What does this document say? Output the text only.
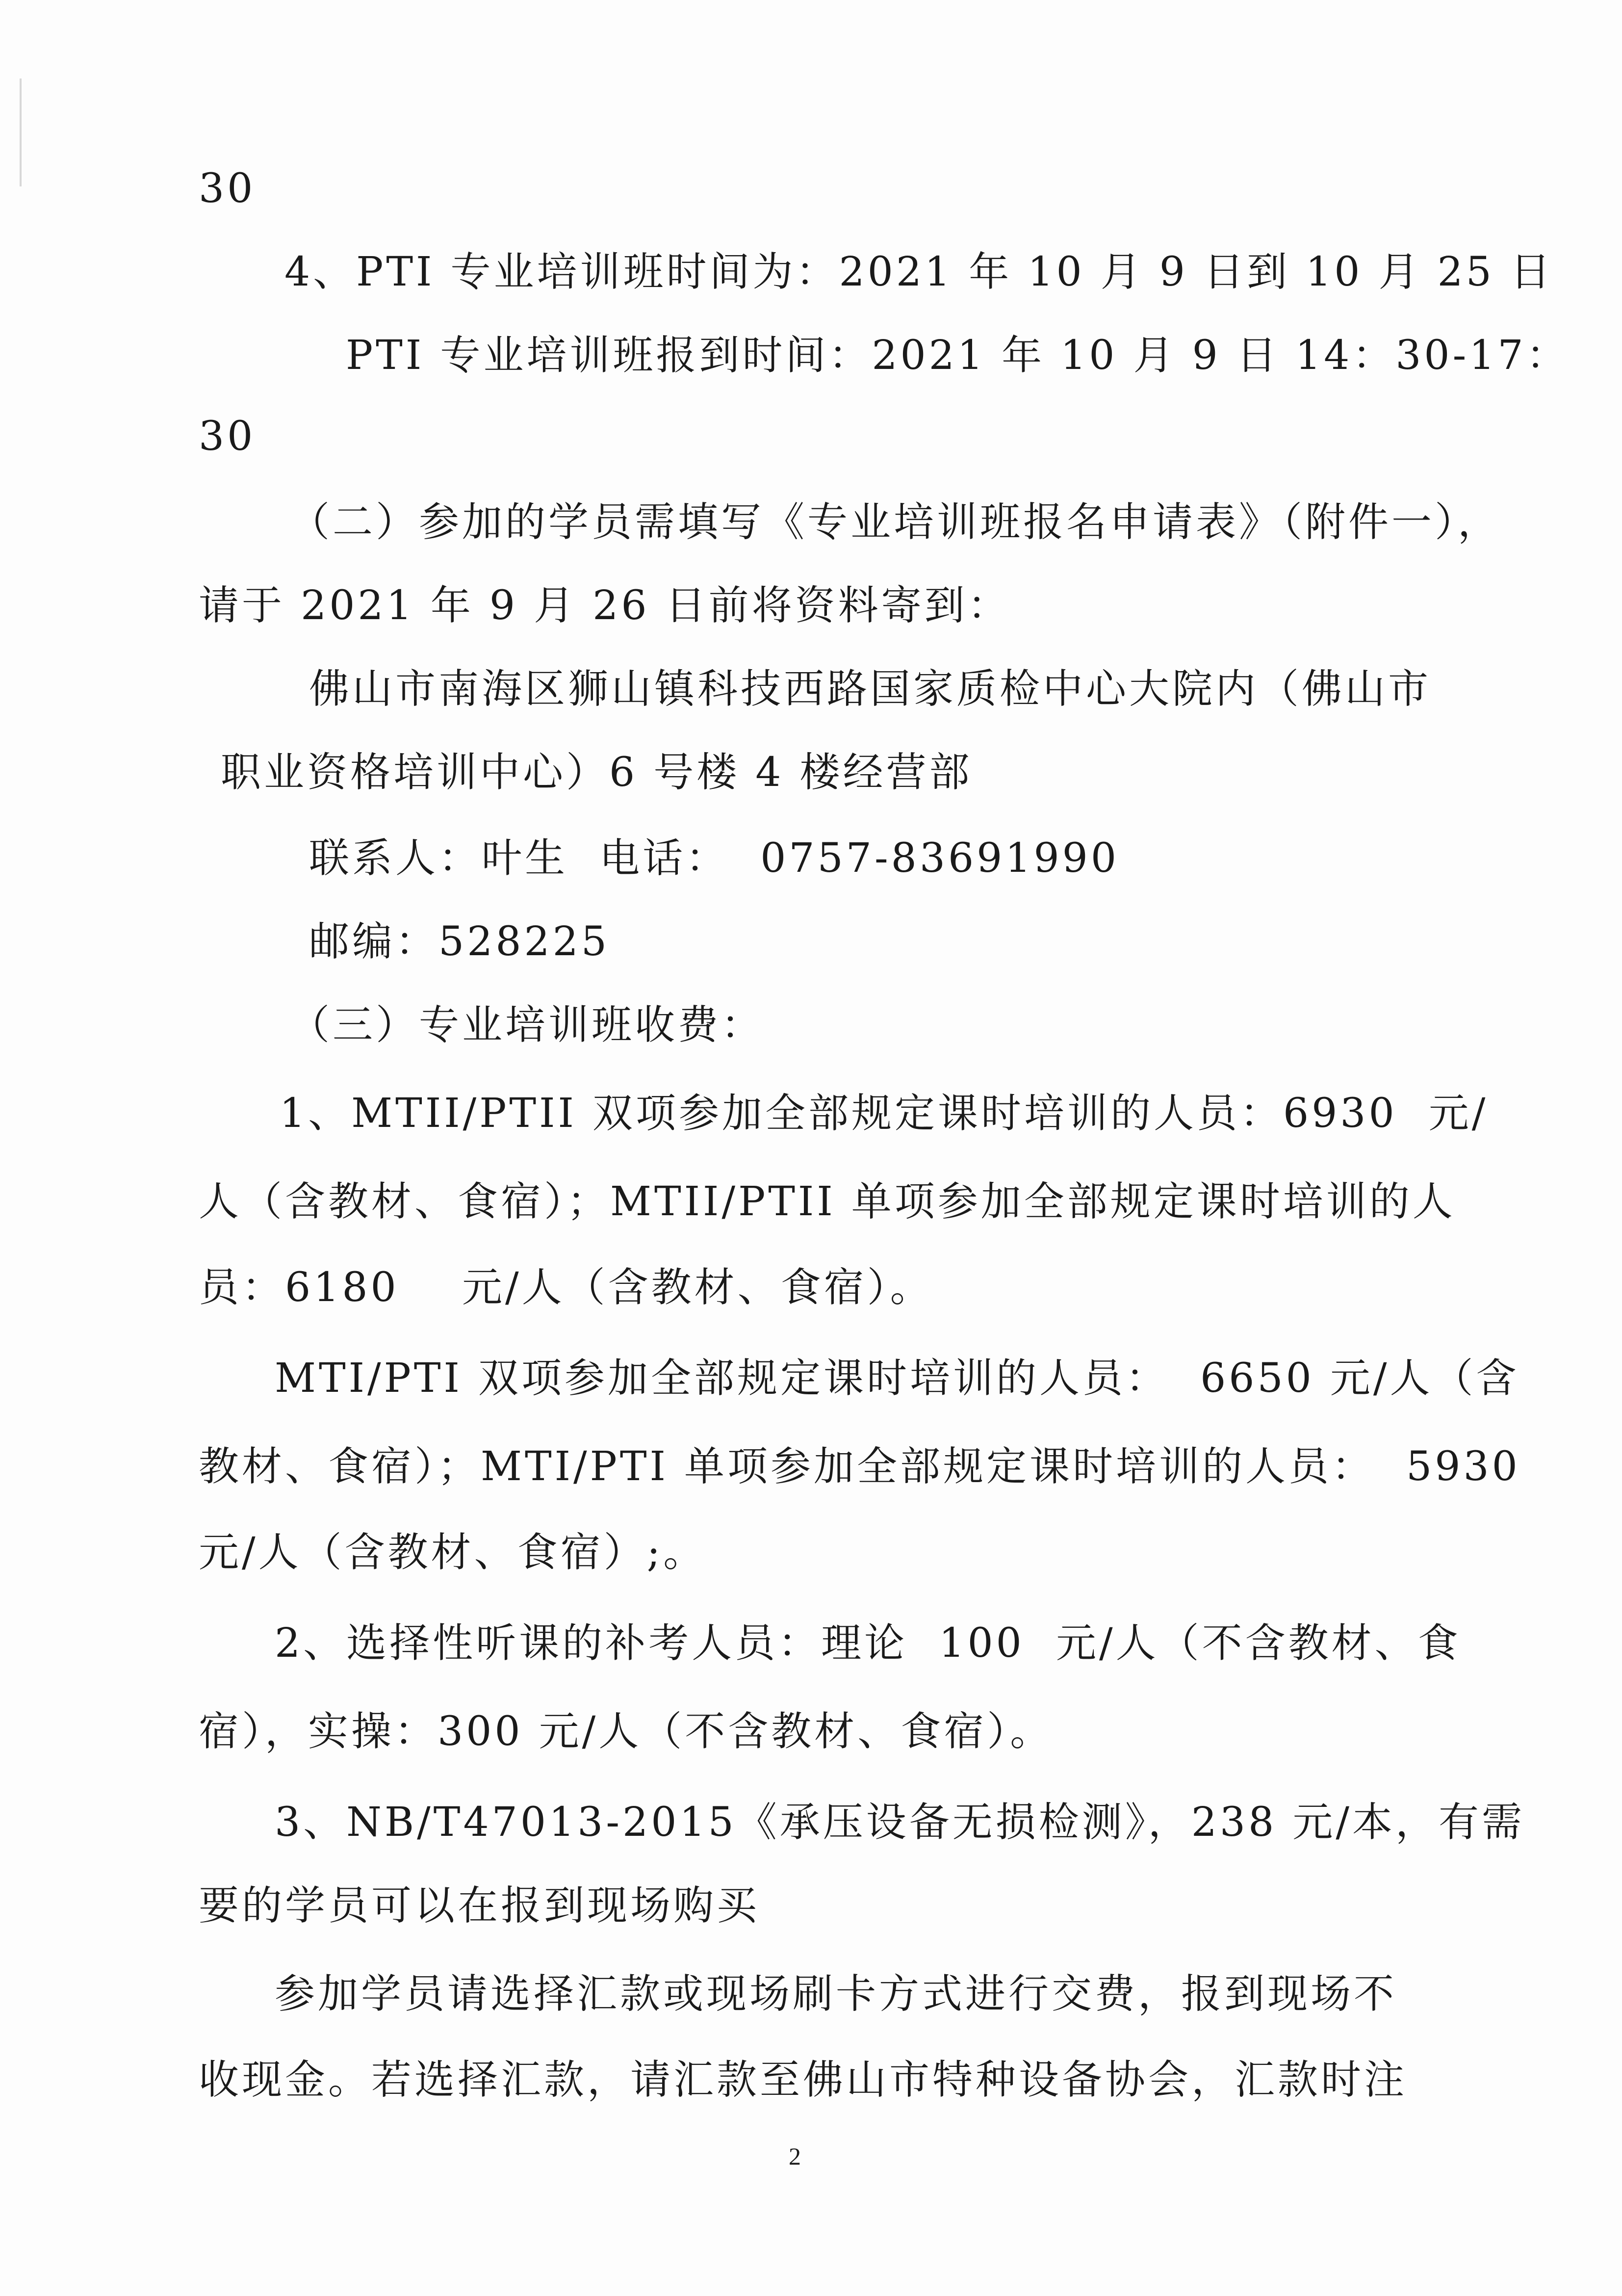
30
4、PTI 专业培训班时间为：2021 年 10 月 9 日到 10 月 25 日
PTI 专业培训班报到时间：2021 年 10 月 9 日 14：30-17：
30
（二）参加的学员需填写《专业培训班报名申请表》（附件一），
请于 2021 年 9 月 26 日前将资料寄到：
佛山市南海区狮山镇科技西路国家质检中心大院内（佛山市
职业资格培训中心）6 号楼 4 楼经营部
联系人：叶生  电话：  0757-83691990
邮编：528225
（三）专业培训班收费：
1、MTII/PTII 双项参加全部规定课时培训的人员：6930  元/
人（含教材、食宿）；MTII/PTII 单项参加全部规定课时培训的人
员：6180    元/人（含教材、食宿）。
MTI/PTI 双项参加全部规定课时培训的人员：  6650 元/人（含
教材、食宿）；MTI/PTI 单项参加全部规定课时培训的人员：  5930
元/人（含教材、食宿）;。
2、选择性听课的补考人员：理论  100  元/人（不含教材、食
宿），实操：300 元/人（不含教材、食宿）。
3、NB/T47013-2015《承压设备无损检测》，238 元/本，有需
要的学员可以在报到现场购买
参加学员请选择汇款或现场刷卡方式进行交费，报到现场不
收现金。若选择汇款，请汇款至佛山市特种设备协会，汇款时注
2
